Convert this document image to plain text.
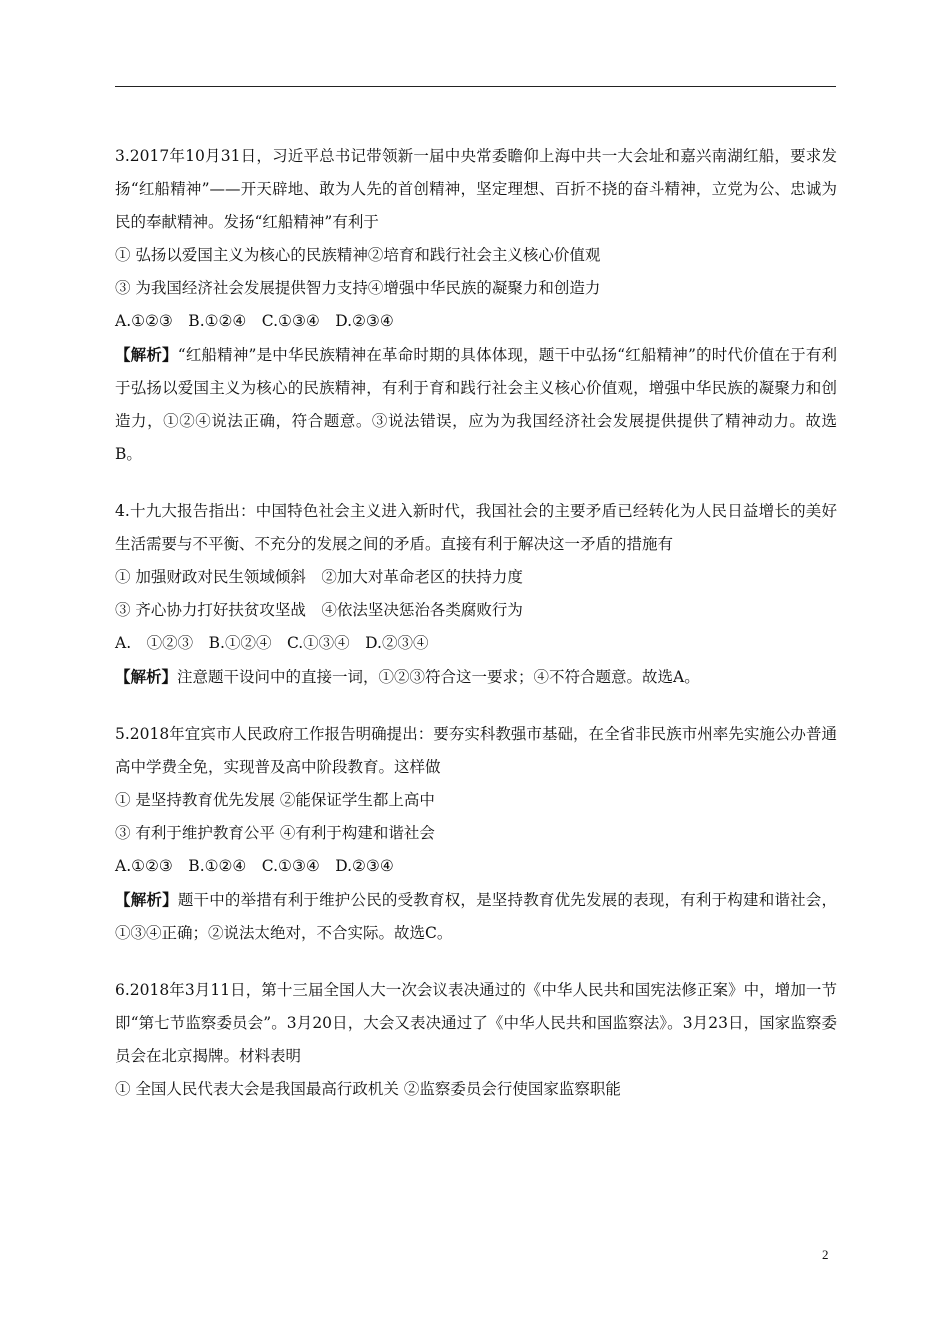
3.2017年10月31日，习近平总书记带领新一届中央常委瞻仰上海中共一大会址和嘉兴南湖红船，要求发扬“红船精神”——开天辟地、敢为人先的首创精神，坚定理想、百折不挠的奋斗精神，立党为公、忠诚为民的奉献精神。发扬“红船精神”有利于
① 弘扬以爱国主义为核心的民族精神②培育和践行社会主义核心价值观
③ 为我国经济社会发展提供智力支持④增强中华民族的凝聚力和创造力
A.①②③　B.①②④　C.①③④　D.②③④
【解析】“红船精神”是中华民族精神在革命时期的具体体现，题干中弘扬“红船精神”的时代价值在于有利于弘扬以爱国主义为核心的民族精神，有利于育和践行社会主义核心价值观，增强中华民族的凝聚力和创造力，①②④说法正确，符合题意。③说法错误，应为为我国经济社会发展提供提供了精神动力。故选B。
4.十九大报告指出：中国特色社会主义进入新时代，我国社会的主要矛盾已经转化为人民日益增长的美好生活需要与不平衡、不充分的发展之间的矛盾。直接有利于解决这一矛盾的措施有
① 加强财政对民生领域倾斜　②加大对革命老区的扶持力度
③ 齐心协力打好扶贫攻坚战　④依法坚决惩治各类腐败行为
A.　①②③　B.①②④　C.①③④　D.②③④
【解析】注意题干设问中的直接一词，①②③符合这一要求；④不符合题意。故选A。
5.2018年宜宾市人民政府工作报告明确提出：要夯实科教强市基础，在全省非民族市州率先实施公办普通高中学费全免，实现普及高中阶段教育。这样做
① 是坚持教育优先发展 ②能保证学生都上高中
③ 有利于维护教育公平 ④有利于构建和谐社会
A.①②③　B.①②④　C.①③④　D.②③④
【解析】题干中的举措有利于维护公民的受教育权，是坚持教育优先发展的表现，有利于构建和谐社会，①③④正确；②说法太绝对，不合实际。故选C。
6.2018年3月11日，第十三届全国人大一次会议表决通过的《中华人民共和国宪法修正案》中，增加一节即“第七节监察委员会”。3月20日，大会又表决通过了《中华人民共和国监察法》。3月23日，国家监察委员会在北京揭牌。材料表明
① 全国人民代表大会是我国最高行政机关 ②监察委员会行使国家监察职能
2
